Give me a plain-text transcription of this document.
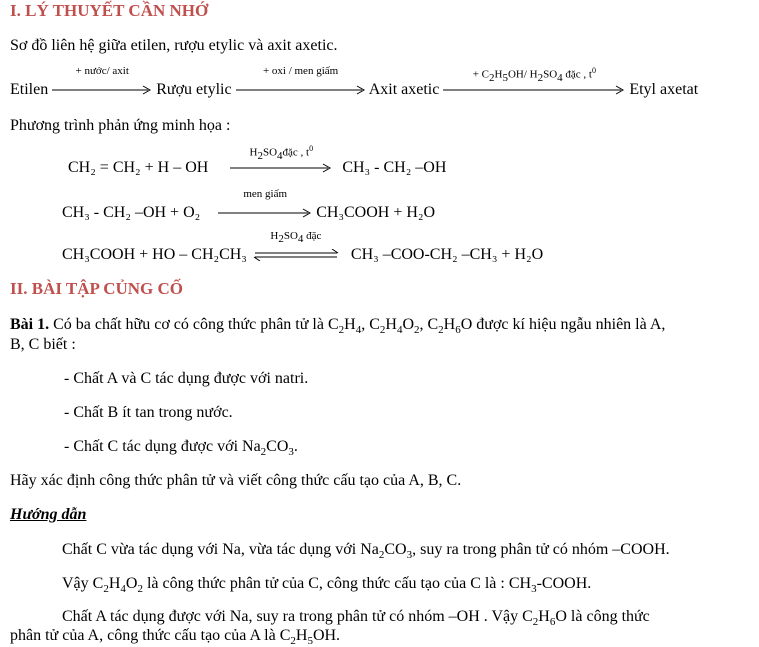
I. LÝ THUYẾT CẦN NHỚ
Sơ đồ liên hệ giữa etilen, rượu etylic và axit axetic.
Etilen
+ nước/ axit
Rượu etylic
+ oxi / men giấm
Axit axetic
+ $C_2H_5OH/$ $H_2SO_4$ đặc , $t^0$
Etyl axetat
Phương trình phản ứng minh họa :
CH₂ = CH₂ + H – OH
$H_2SO_4đặc$ , $t^0$
CH₃ - CH₂ –OH
CH₃ - CH₂ –OH + O₂
men giấm
CH₃COOH + H₂O
CH₃COOH + HO – CH₂CH₃
$H_2SO_4$ đặc
CH₃ –COO-CH₂ –CH₃ + H₂O
II. BÀI TẬP CỦNG CỐ
Bài 1. Có ba chất hữu cơ có công thức phân tử là $C_2H_4$, $C_2H_4O_2$, $C_2H_6O$ được kí hiệu ngẫu nhiên là A,
B, C biết :
- Chất A và C tác dụng được với natri.
- Chất B ít tan trong nước.
- Chất C tác dụng được với $Na_2CO_3$.
Hãy xác định công thức phân tử và viết công thức cấu tạo của A, B, C.
Hướng dẫn
Chất C vừa tác dụng với Na, vừa tác dụng với $Na_2CO_3$, suy ra trong phân tử có nhóm –COOH.
Vậy $C_2H_4O_2$ là công thức phân tử của C, công thức cấu tạo của C là : $CH_3$-COOH.
Chất A tác dụng được với Na, suy ra trong phân tử có nhóm –OH . Vậy $C_2H_6O$ là công thức
phân tử của A, công thức cấu tạo của A là $C_2H_5OH$.
